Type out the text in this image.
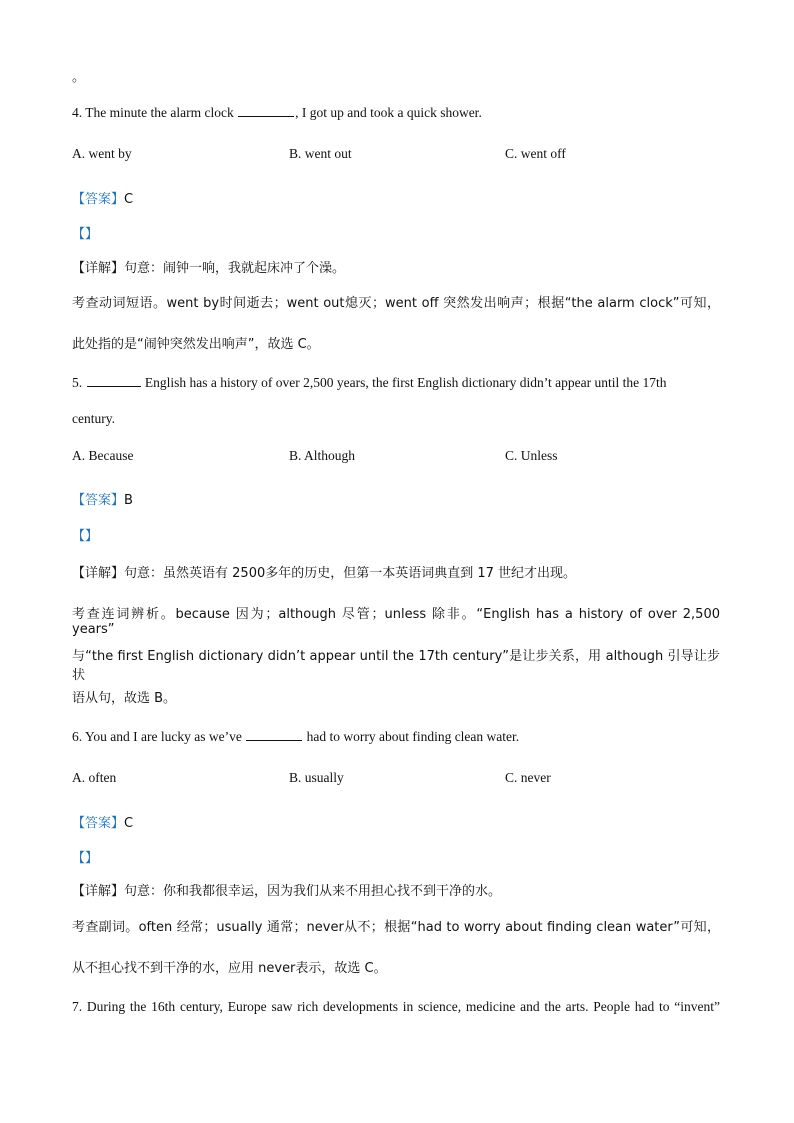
。
4. The minute the alarm clock	, I got up and took a quick shower.
A. went by	B. went out	C. went off
【答案】C
【】
【详解】句意：闹钟一响，我就起床冲了个澡。
考查动词短语。went by时间逝去；went out熄灭；went off 突然发出响声；根据“the alarm clock”可知，
此处指的是“闹钟突然发出响声”，故选 C。
5.	English has a history of over 2,500 years, the first English dictionary didn’t appear until the 17th
century.
A. Because	B. Although	C. Unless
【答案】B
【】
【详解】句意：虽然英语有 2500多年的历史，但第一本英语词典直到 17 世纪才出现。
考查连词辨析。because 因为；although 尽管；unless 除非。“English has a history of over 2,500 years”
与“the first English dictionary didn’t appear until the 17th century”是让步关系，用 although 引导让步状
语从句，故选 B。
6. You and I are lucky as we’ve	had to worry about finding clean water.
A. often	B. usually	C. never
【答案】C
【】
【详解】句意：你和我都很幸运，因为我们从来不用担心找不到干净的水。
考查副词。often 经常；usually 通常；never从不；根据“had to worry about finding clean water”可知，
从不担心找不到干净的水，应用 never表示，故选 C。
7. During the 16th century, Europe saw rich developments in science, medicine and the arts. People had to “invent”
